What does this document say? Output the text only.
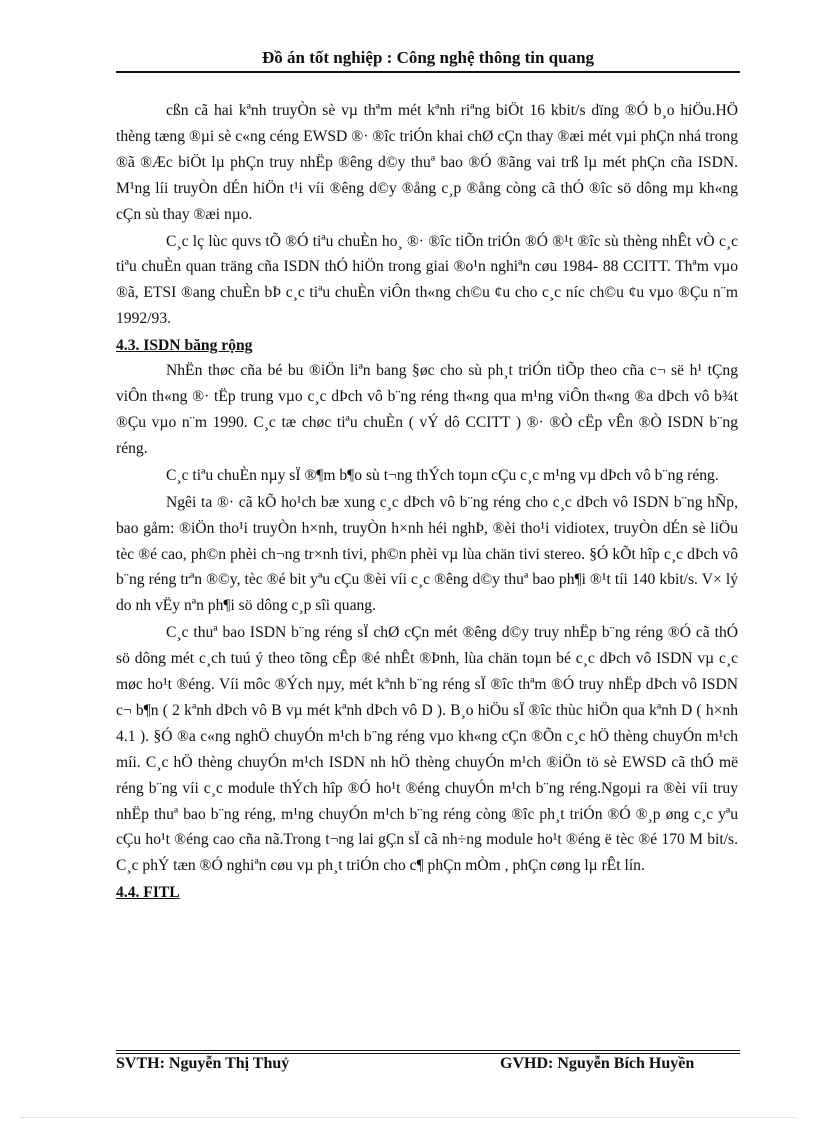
Đồ án tốt nghiệp : Công nghệ thông tin quang

cßn cã hai kªnh truyÒn sè vµ thªm mét kªnh riªng biÖt 16 kbit/s dïng ®Ó b¸o hiÖu.HÖ thèng tæng ®µi sè c«ng céng EWSD ®· ®îc triÓn khai chØ cÇn thay ®æi mét vµi phÇn nhá trong ®ã ®Æc biÖt lµ phÇn truy nhËp ®êng d©y thuª bao ®Ó ®ãng vai trß lµ mét phÇn cña ISDN. M¹ng líi truyÒn dÉn hiÖn t¹i víi ®êng d©y ®ång c¸p ®ång còng cã thÓ ®îc sö dông mµ kh«ng cÇn sù thay ®æi nµo.

C¸c lç lùc quvs tÕ ®Ó tiªu chuÈn ho¸ ®· ®îc tiÕn triÓn ®Ó ®¹t ®îc sù thèng nhÊt vÒ c¸c tiªu chuÈn quan träng cña ISDN thÓ hiÖn trong giai ®o¹n nghiªn cøu 1984- 88 CCITT. Thªm vµo ®ã, ETSI ®ang chuÈn bÞ c¸c tiªu chuÈn viÔn th«ng ch©u ¢u cho c¸c níc ch©u ¢u vµo ®Çu n¨m 1992/93.

4.3. ISDN băng rộng

NhËn thøc cña bé bu ®iÖn liªn bang §øc cho sù ph¸t triÓn tiÕp theo cña c¬ së h¹ tÇng viÔn th«ng ®· tËp trung vµo c¸c dÞch vô b¨ng réng th«ng qua m¹ng viÔn th«ng ®a dÞch vô b¾t ®Çu vµo n¨m 1990. C¸c tæ chøc tiªu chuÈn ( vÝ dô CCITT ) ®· ®Ò cËp vÊn ®Ò ISDN b¨ng réng.

C¸c tiªu chuÈn nµy sÏ ®¶m b¶o sù t¬ng thÝch toµn cÇu c¸c m¹ng vµ dÞch vô b¨ng réng.

Ngêi ta ®· cã kÕ ho¹ch bæ xung c¸c dÞch vô b¨ng réng cho c¸c dÞch vô ISDN b¨ng hÑp, bao gåm: ®iÖn tho¹i truyÒn h×nh, truyÒn h×nh héi nghÞ, ®èi tho¹i vidiotex, truyÒn dÉn sè liÖu tèc ®é cao, ph©n phèi ch¬ng tr×nh tivi, ph©n phèi vµ lùa chän tivi stereo. §Ó kÕt hîp c¸c dÞch vô b¨ng réng trªn ®©y, tèc ®é bit yªu cÇu ®èi víi c¸c ®êng d©y thuª bao ph¶i ®¹t tíi 140 kbit/s. V× lý do nh vËy nªn ph¶i sö dông c¸p sîi quang.

C¸c thuª bao ISDN b¨ng réng sÏ chØ cÇn mét ®êng d©y truy nhËp b¨ng réng ®Ó cã thÓ sö dông mét c¸ch tuú ý theo tõng cÊp ®é nhÊt ®Þnh, lùa chän toµn bé c¸c dÞch vô ISDN vµ c¸c møc ho¹t ®éng. Víi môc ®Ých nµy, mét kªnh b¨ng réng sÏ ®îc thªm ®Ó truy nhËp dÞch vô ISDN c¬ b¶n ( 2 kªnh dÞch vô B vµ mét kªnh dÞch vô D ). B¸o hiÖu sÏ ®îc thùc hiÖn qua kªnh D ( h×nh 4.1 ). §Ó ®a c«ng nghÖ chuyÓn m¹ch b¨ng réng vµo kh«ng cÇn ®Õn c¸c hÖ thèng chuyÓn m¹ch míi. C¸c hÖ thèng chuyÓn m¹ch ISDN nh hÖ thèng chuyÓn m¹ch ®iÖn tö sè EWSD cã thÓ më réng b¨ng víi c¸c module thÝch hîp ®Ó ho¹t ®éng chuyÓn m¹ch b¨ng réng.Ngoµi ra ®èi víi truy nhËp thuª bao b¨ng réng, m¹ng chuyÓn m¹ch b¨ng réng còng ®îc ph¸t triÓn ®Ó ®¸p øng c¸c yªu cÇu ho¹t ®éng cao cña nã.Trong t¬ng lai gÇn sÏ cã nh÷ng module ho¹t ®éng ë tèc ®é 170 M bit/s. C¸c phÝ tæn ®Ó nghiªn cøu vµ ph¸t triÓn cho c¶ phÇn mÒm , phÇn cøng lµ rÊt lín.

4.4. FITL

SVTH: Nguyễn Thị Thuỷ	GVHD: Nguyễn Bích Huyền
